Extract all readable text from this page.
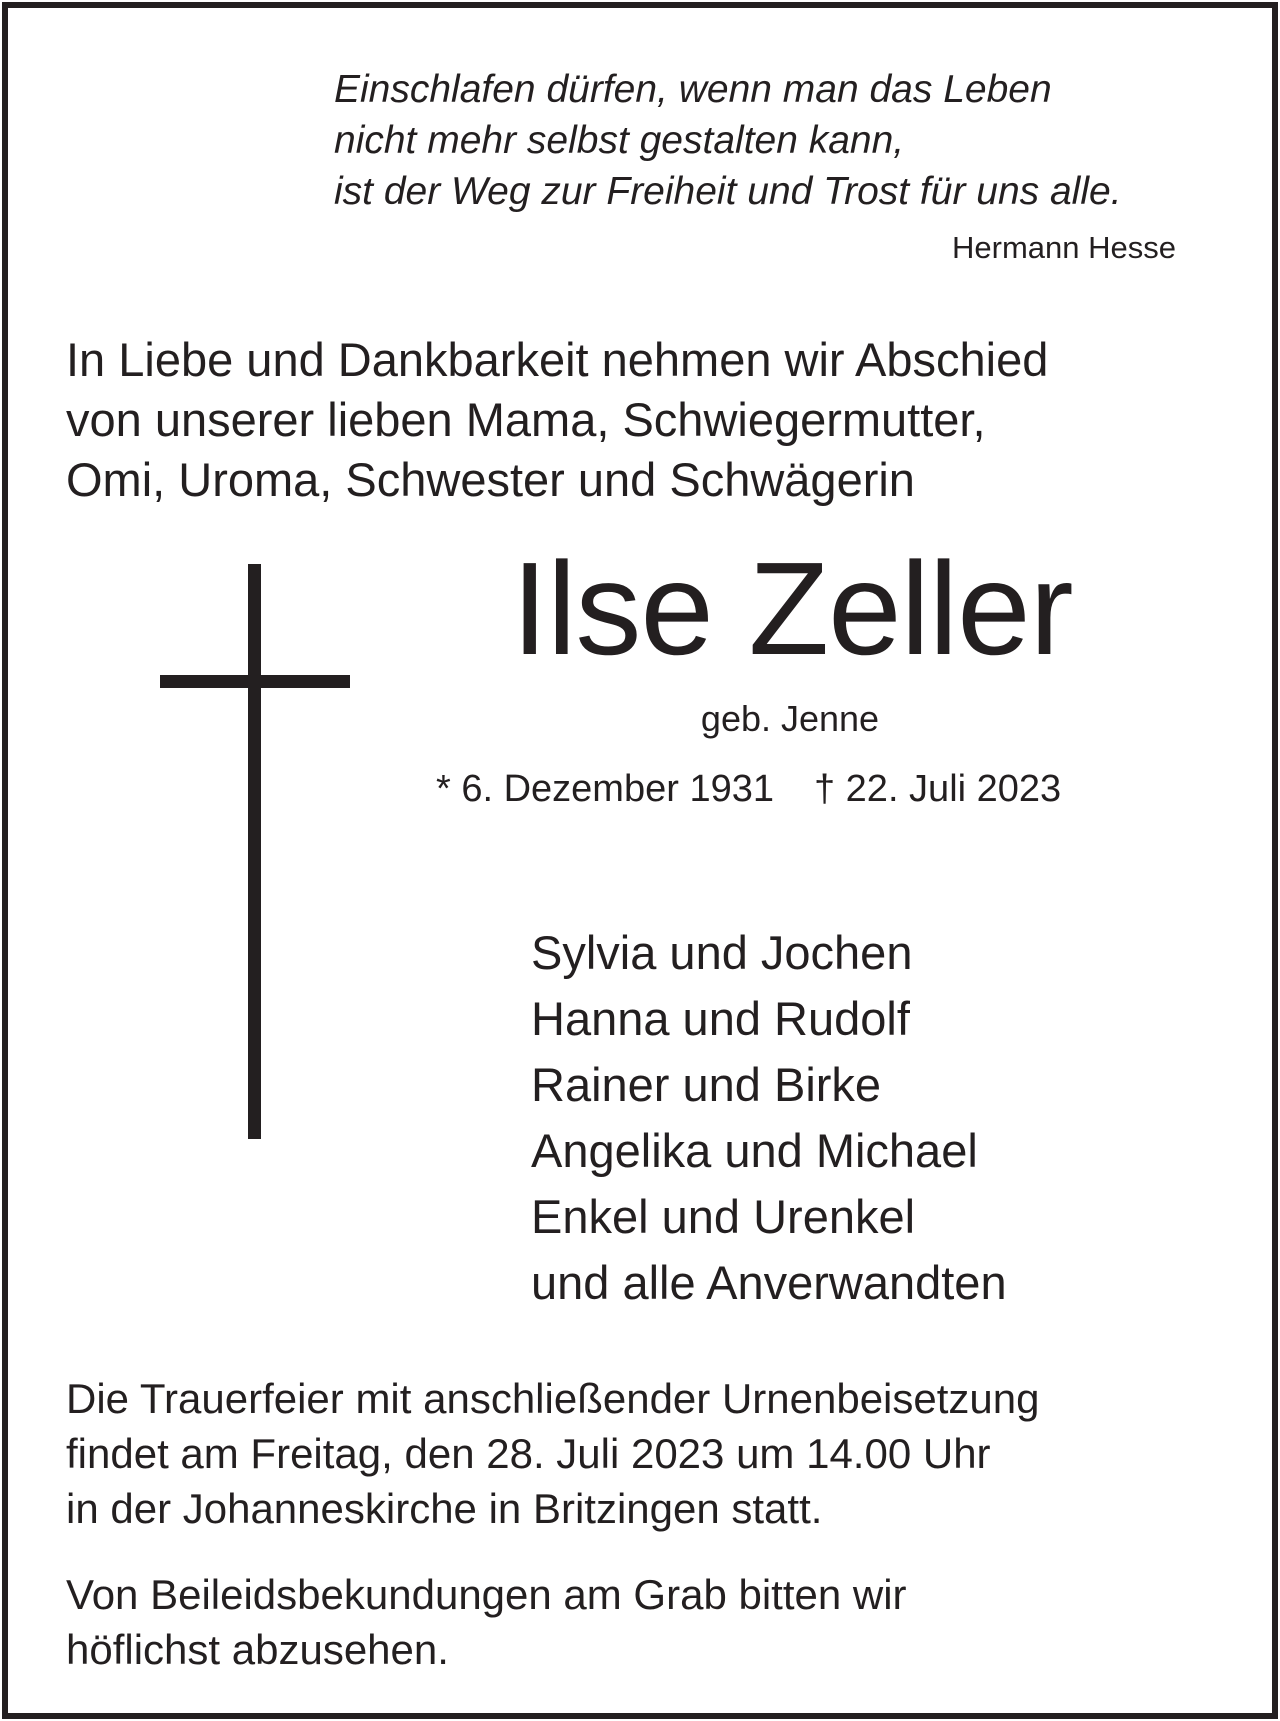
Einschlafen dürfen, wenn man das Leben
nicht mehr selbst gestalten kann,
ist der Weg zur Freiheit und Trost für uns alle.
Hermann Hesse
In Liebe und Dankbarkeit nehmen wir Abschied
von unserer lieben Mama, Schwiegermutter,
Omi, Uroma, Schwester und Schwägerin
Ilse Zeller
geb. Jenne
* 6. Dezember 1931 † 22. Juli 2023
Sylvia und Jochen
Hanna und Rudolf
Rainer und Birke
Angelika und Michael
Enkel und Urenkel
und alle Anverwandten
Die Trauerfeier mit anschließender Urnenbeisetzung
findet am Freitag, den 28. Juli 2023 um 14.00 Uhr
in der Johanneskirche in Britzingen statt.
Von Beileidsbekundungen am Grab bitten wir
höflichst abzusehen.
